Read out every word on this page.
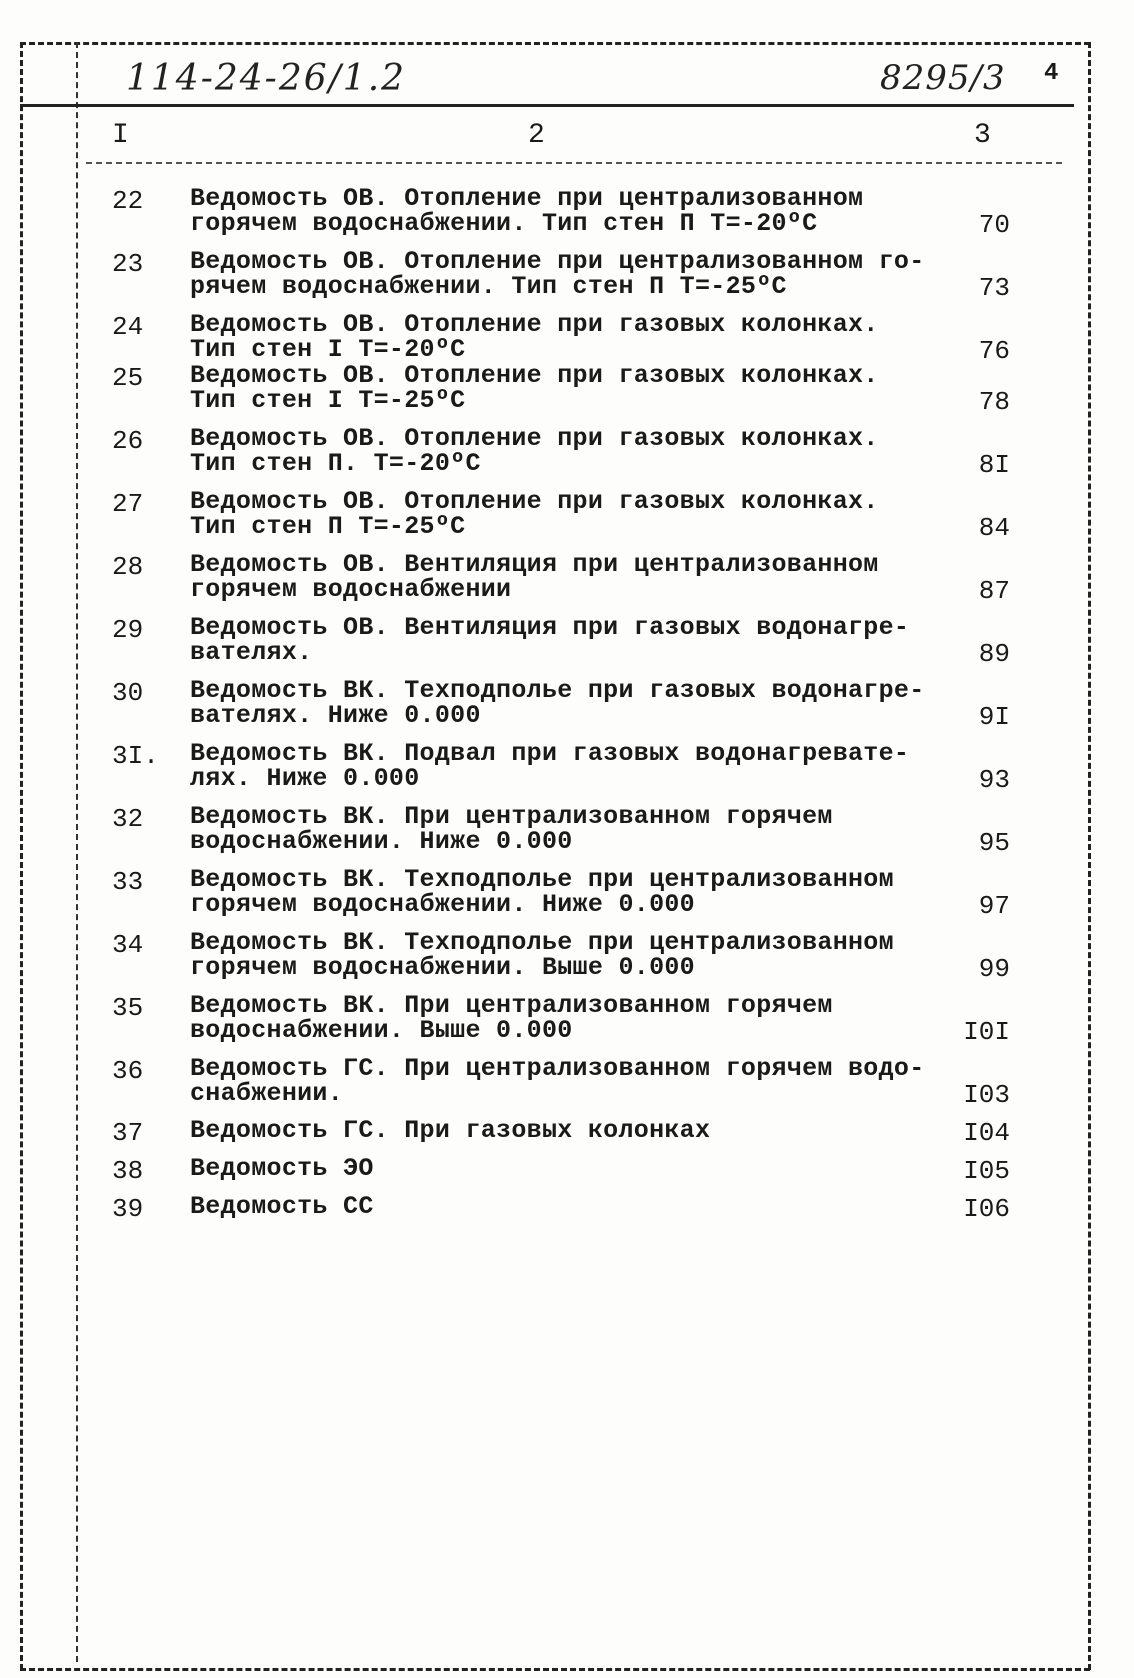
114-24-26/1.2	8295/3 4
I	2	3
22 Ведомость ОВ. Отопление при централизованном
горячем водоснабжении. Тип стен П Т=-20ºС	70
23 Ведомость ОВ. Отопление при централизованном го-
рячем водоснабжении. Тип стен П Т=-25ºС	73
24 Ведомость ОВ. Отопление при газовых колонках.
Тип стен I Т=-20ºС	76
25 Ведомость ОВ. Отопление при газовых колонках.
Тип стен I Т=-25ºС	78
26 Ведомость ОВ. Отопление при газовых колонках.
Тип стен П. Т=-20ºС	8I
27 Ведомость ОВ. Отопление при газовых колонках.
Тип стен П Т=-25ºС	84
28 Ведомость ОВ. Вентиляция при централизованном
горячем водоснабжении	87
29 Ведомость ОВ. Вентиляция при газовых водонагре-
вателях.	89
30 Ведомость ВК. Техподполье при газовых водонагре-
вателях. Ниже 0.000	9I
3I. Ведомость ВК. Подвал при газовых водонагревате-
лях. Ниже 0.000	93
32 Ведомость ВК. При централизованном горячем
водоснабжении. Ниже 0.000	95
33 Ведомость ВК. Техподполье при централизованном
горячем водоснабжении. Ниже 0.000	97
34 Ведомость ВК. Техподполье при централизованном
горячем водоснабжении. Выше 0.000	99
35 Ведомость ВК. При централизованном горячем
водоснабжении. Выше 0.000	I0I
36 Ведомость ГС. При централизованном горячем водо-
снабжении.	I03
37 Ведомость ГС. При газовых колонках	I04
38 Ведомость ЭО	I05
39 Ведомость СС	I06
